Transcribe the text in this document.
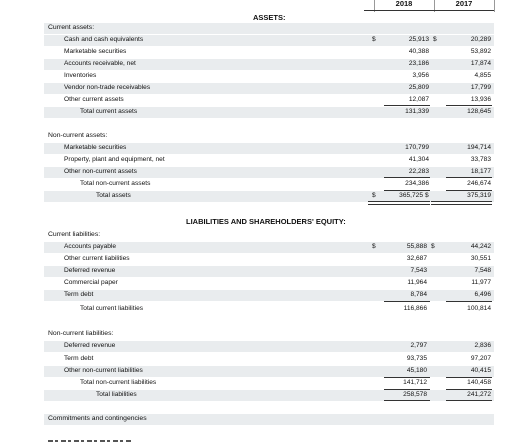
2018	2017
ASSETS:
Current assets:
Cash and cash equivalents	$	25,913 $	20,289
Marketable securities	40,388	53,892
Accounts receivable, net	23,186	17,874
Inventories	3,956	4,855
Vendor non-trade receivables	25,809	17,799
Other current assets	12,087	13,936
Total current assets	131,339	128,645
Non-current assets:
Marketable securities	170,799	194,714
Property, plant and equipment, net	41,304	33,783
Other non-current assets	22,283	18,177
Total non-current assets	234,386	246,674
Total assets	$	365,725 $	375,319
LIABILITIES AND SHAREHOLDERS' EQUITY:
Current liabilities:
Accounts payable	$	55,888 $	44,242
Other current liabilities	32,687	30,551
Deferred revenue	7,543	7,548
Commercial paper	11,964	11,977
Term debt	8,784	6,496
Total current liabilities	116,866	100,814
Non-current liabilities:
Deferred revenue	2,797	2,836
Term debt	93,735	97,207
Other non-current liabilities	45,180	40,415
Total non-current liabilities	141,712	140,458
Total liabilities	258,578	241,272
Commitments and contingencies
